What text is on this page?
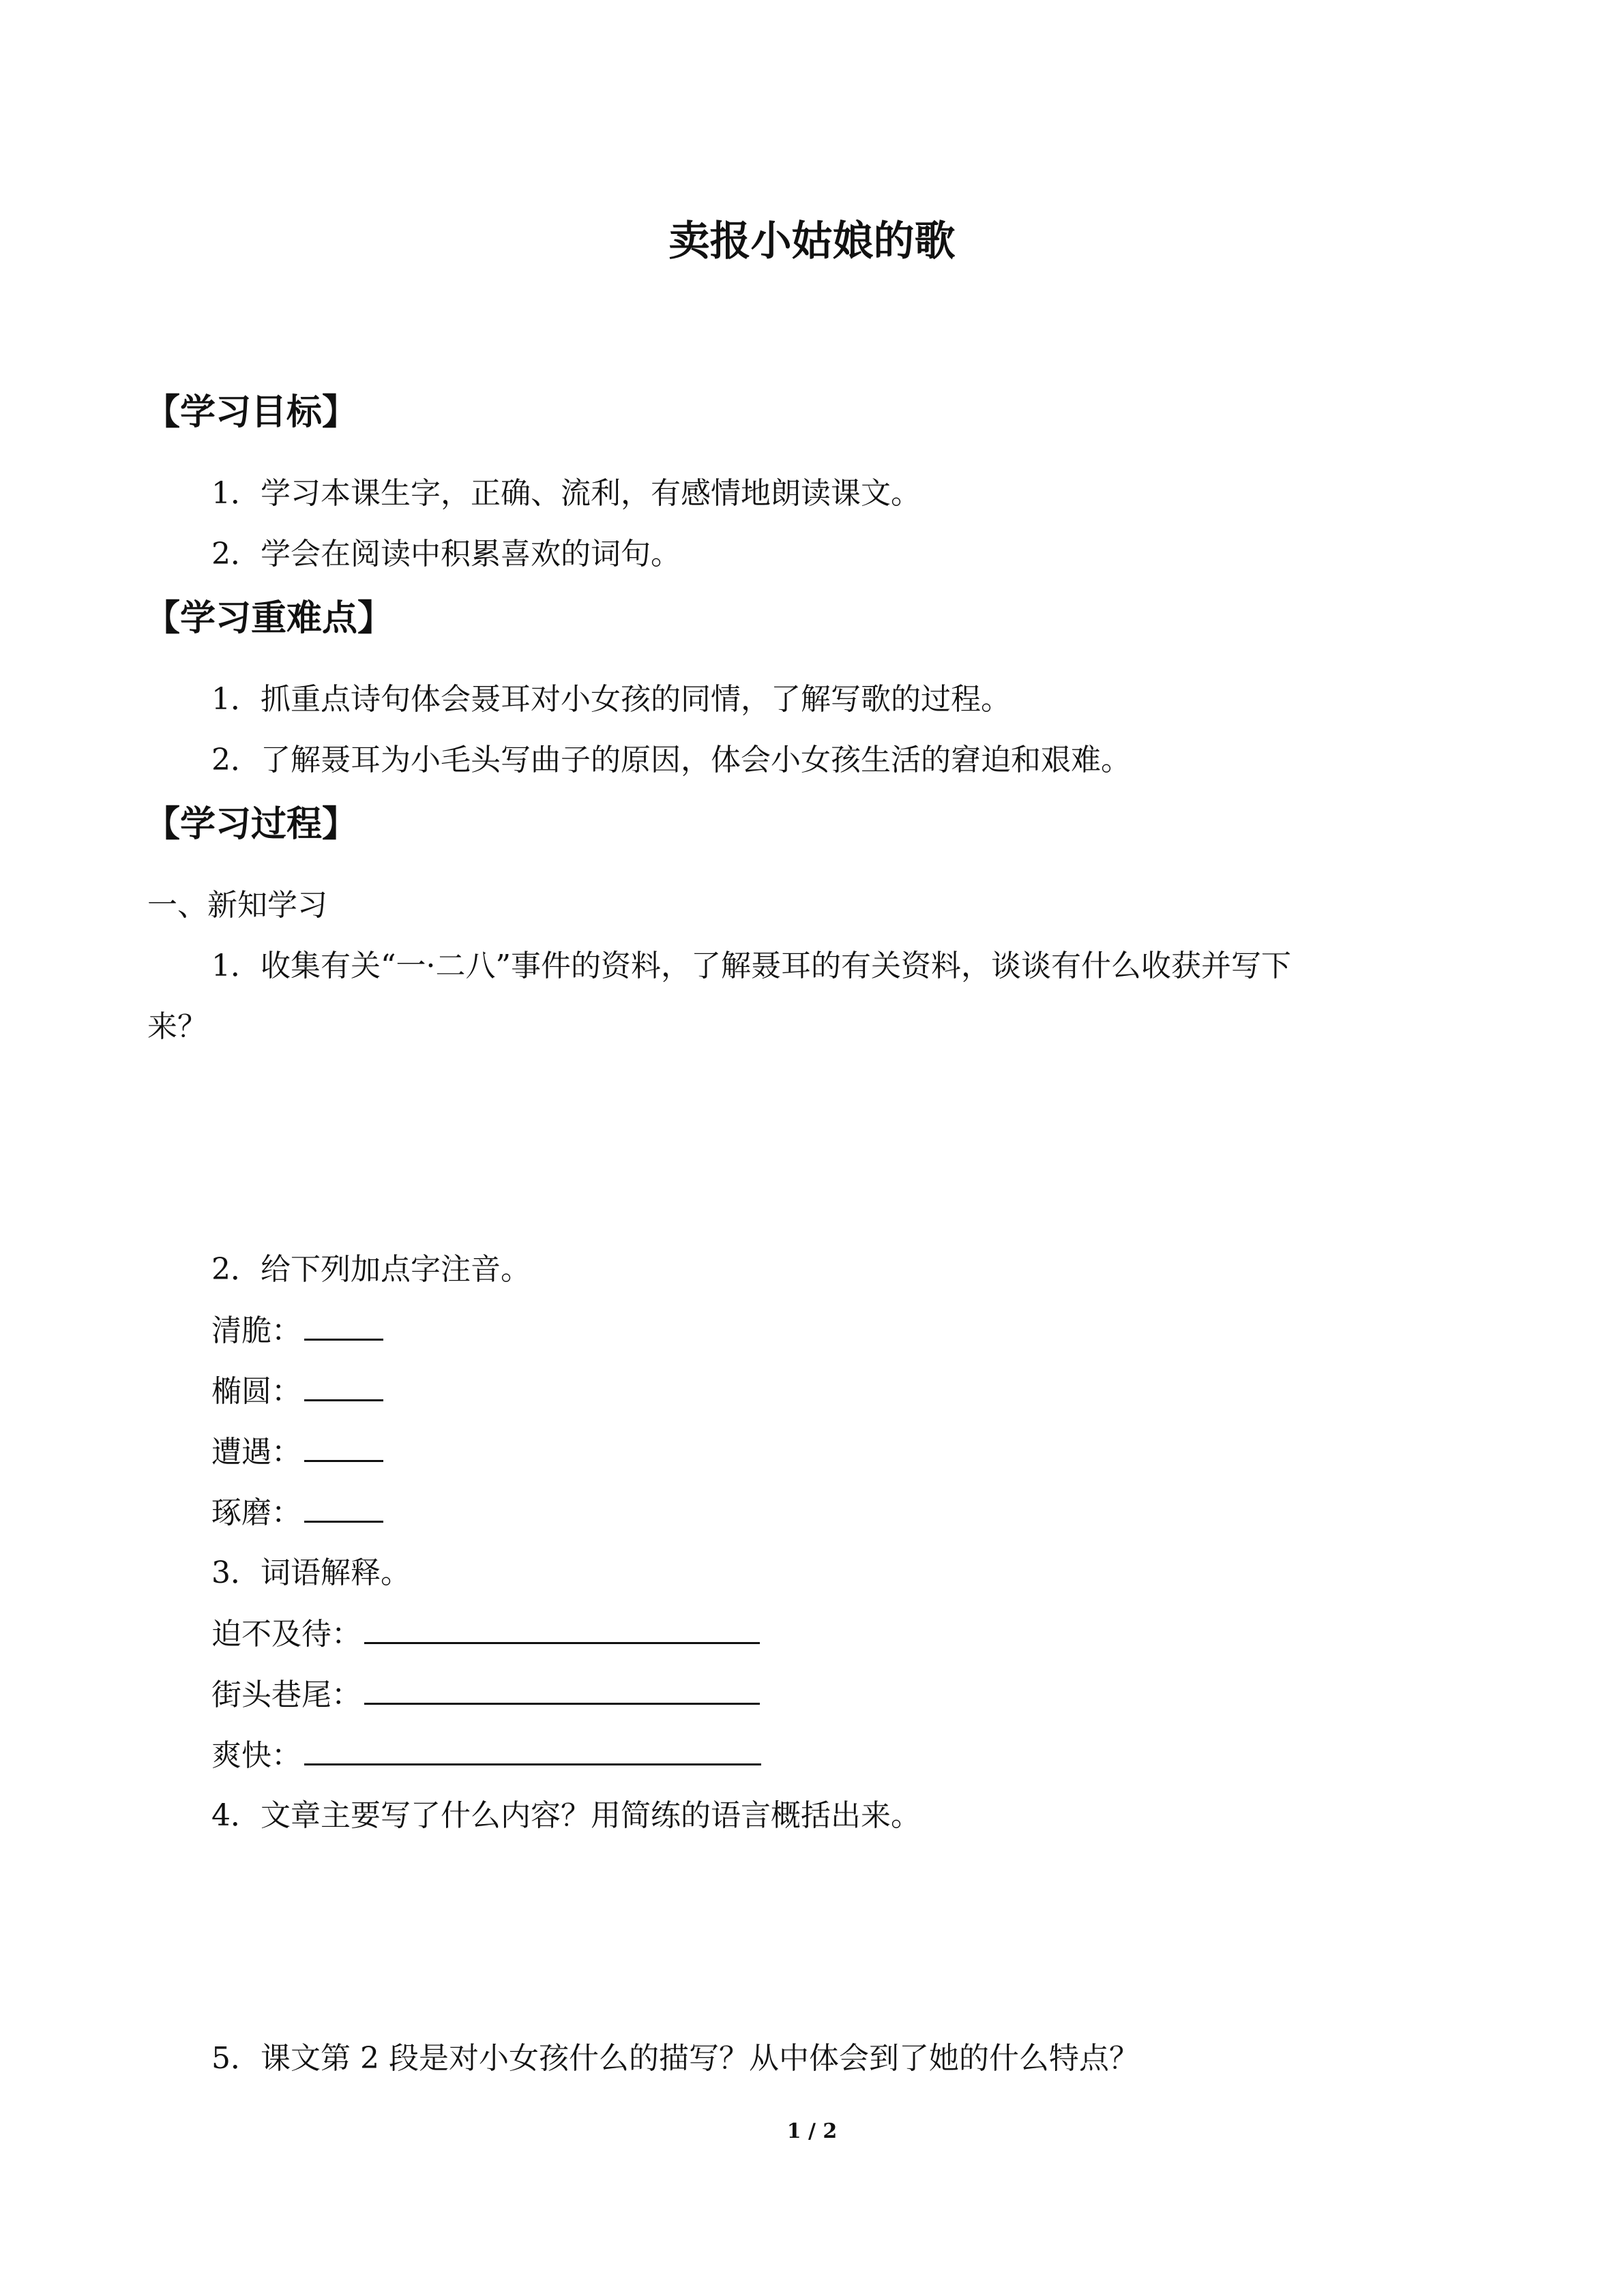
卖报小姑娘的歌
【学习目标】
1．学习本课生字，正确、流利，有感情地朗读课文。
2．学会在阅读中积累喜欢的词句。
【学习重难点】
1．抓重点诗句体会聂耳对小女孩的同情，了解写歌的过程。
2．了解聂耳为小毛头写曲子的原因，体会小女孩生活的窘迫和艰难。
【学习过程】
一、新知学习
1．收集有关“一·二八”事件的资料，了解聂耳的有关资料，谈谈有什么收获并写下
来？
2．给下列加点字注音。
清脆：
椭圆：
遭遇：
琢磨：
3．词语解释。
迫不及待：
街头巷尾：
爽快：
4．文章主要写了什么内容？用简练的语言概括出来。
5．课文第 2 段是对小女孩什么的描写？从中体会到了她的什么特点？
1 / 2
